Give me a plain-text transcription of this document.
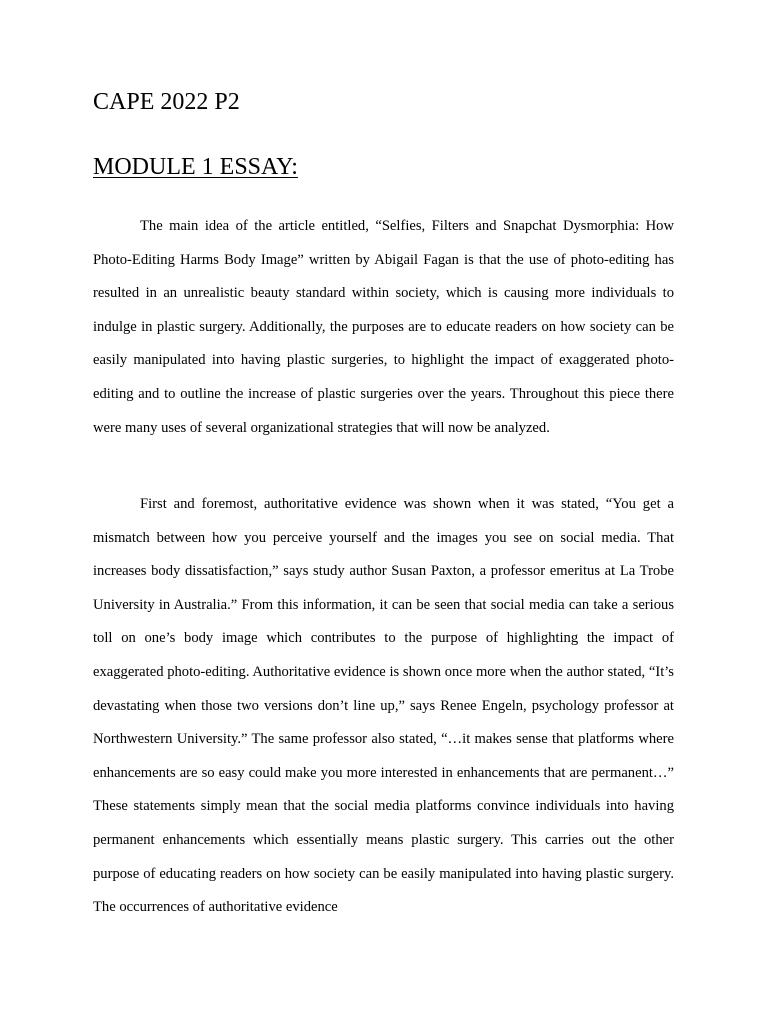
CAPE 2022 P2
MODULE 1 ESSAY:

The main idea of the article entitled, “Selfies, Filters and Snapchat Dysmorphia: How Photo-Editing Harms Body Image” written by Abigail Fagan is that the use of photo-editing has resulted in an unrealistic beauty standard within society, which is causing more individuals to indulge in plastic surgery. Additionally, the purposes are to educate readers on how society can be easily manipulated into having plastic surgeries, to highlight the impact of exaggerated photo-editing and to outline the increase of plastic surgeries over the years. Throughout this piece there were many uses of several organizational strategies that will now be analyzed.

First and foremost, authoritative evidence was shown when it was stated, “You get a mismatch between how you perceive yourself and the images you see on social media. That increases body dissatisfaction,” says study author Susan Paxton, a professor emeritus at La Trobe University in Australia.” From this information, it can be seen that social media can take a serious toll on one’s body image which contributes to the purpose of highlighting the impact of exaggerated photo-editing. Authoritative evidence is shown once more when the author stated, “It’s devastating when those two versions don’t line up,” says Renee Engeln, psychology professor at Northwestern University.” The same professor also stated, “…it makes sense that platforms where enhancements are so easy could make you more interested in enhancements that are permanent…” These statements simply mean that the social media platforms convince individuals into having permanent enhancements which essentially means plastic surgery. This carries out the other purpose of educating readers on how society can be easily manipulated into having plastic surgery. The occurrences of authoritative evidence
